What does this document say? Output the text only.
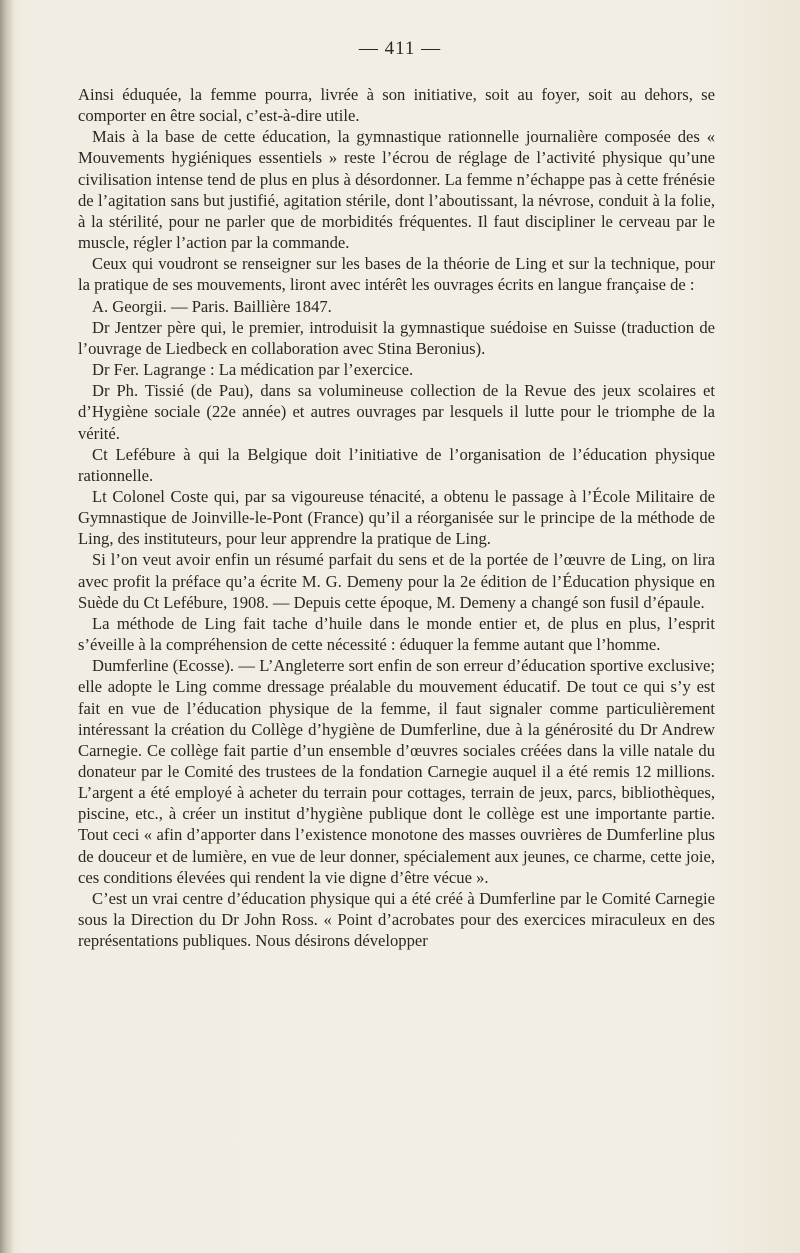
— 411 —

Ainsi éduquée, la femme pourra, livrée à son initiative, soit au foyer, soit au dehors, se comporter en être social, c’est-à-dire utile.

Mais à la base de cette éducation, la gymnastique rationnelle journalière composée des « Mouvements hygiéniques essentiels » reste l’écrou de réglage de l’activité physique qu’une civilisation intense tend de plus en plus à désordonner. La femme n’échappe pas à cette frénésie de l’agitation sans but justifié, agitation stérile, dont l’aboutissant, la névrose, conduit à la folie, à la stérilité, pour ne parler que de morbidités fréquentes. Il faut discipliner le cerveau par le muscle, régler l’action par la commande.

Ceux qui voudront se renseigner sur les bases de la théorie de Ling et sur la technique, pour la pratique de ses mouvements, liront avec intérêt les ouvrages écrits en langue française de :

A. Georgii. — Paris. Baillière 1847.

Dr Jentzer père qui, le premier, introduisit la gymnastique suédoise en Suisse (traduction de l’ouvrage de Liedbeck en collaboration avec Stina Beronius).

Dr Fer. Lagrange : La médication par l’exercice.

Dr Ph. Tissié (de Pau), dans sa volumineuse collection de la Revue des jeux scolaires et d’Hygiène sociale (22e année) et autres ouvrages par lesquels il lutte pour le triomphe de la vérité.

Ct Lefébure à qui la Belgique doit l’initiative de l’organisation de l’éducation physique rationnelle.

Lt Colonel Coste qui, par sa vigoureuse ténacité, a obtenu le passage à l’École Militaire de Gymnastique de Joinville-le-Pont (France) qu’il a réorganisée sur le principe de la méthode de Ling, des instituteurs, pour leur apprendre la pratique de Ling.

Si l’on veut avoir enfin un résumé parfait du sens et de la portée de l’œuvre de Ling, on lira avec profit la préface qu’a écrite M. G. Demeny pour la 2e édition de l’Éducation physique en Suède du Ct Lefébure, 1908. — Depuis cette époque, M. Demeny a changé son fusil d’épaule.

La méthode de Ling fait tache d’huile dans le monde entier et, de plus en plus, l’esprit s’éveille à la compréhension de cette nécessité : éduquer la femme autant que l’homme.

Dumferline (Ecosse). — L’Angleterre sort enfin de son erreur d’éducation sportive exclusive; elle adopte le Ling comme dressage préalable du mouvement éducatif. De tout ce qui s’y est fait en vue de l’éducation physique de la femme, il faut signaler comme particulièrement intéressant la création du Collège d’hygiène de Dumferline, due à la générosité du Dr Andrew Carnegie. Ce collège fait partie d’un ensemble d’œuvres sociales créées dans la ville natale du donateur par le Comité des trustees de la fondation Carnegie auquel il a été remis 12 millions. L’argent a été employé à acheter du terrain pour cottages, terrain de jeux, parcs, bibliothèques, piscine, etc., à créer un institut d’hygiène publique dont le collège est une importante partie. Tout ceci « afin d’apporter dans l’existence monotone des masses ouvrières de Dumferline plus de douceur et de lumière, en vue de leur donner, spécialement aux jeunes, ce charme, cette joie, ces conditions élevées qui rendent la vie digne d’être vécue ».

C’est un vrai centre d’éducation physique qui a été créé à Dumferline par le Comité Carnegie sous la Direction du Dr John Ross. « Point d’acrobates pour des exercices miraculeux en des représentations publiques. Nous désirons développer
